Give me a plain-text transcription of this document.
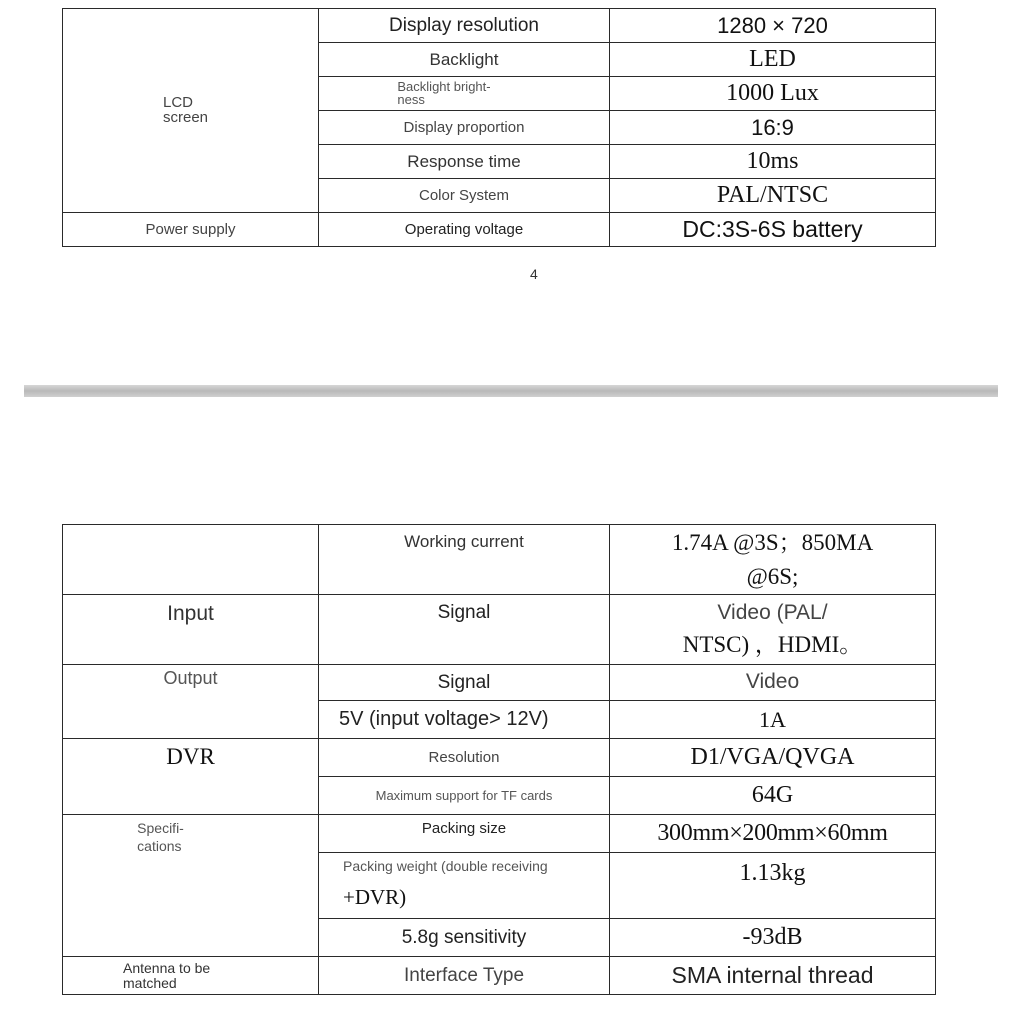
LCD
screen	Display resolution	1280 × 720
	Backlight	LED

	Backlight bright-
ness	1000 Lux
	Display proportion	16:9
	Response time	10ms
	Color System	PAL/NTSC
Power supply	Operating voltage	DC:3S-6S battery
4
	Working current	1.74A @3S；850MA
@6S;

Input	Signal	Video (PAL/
NTSC) ，HDMI。

Output	Signal	Video
	5V (input voltage> 12V)	1A
DVR	Resolution	D1/VGA/QVGA
	Maximum support for TF cards	64G

Specifi-
cations	Packing size	300mm×200mm×60mm

	Packing weight (double receiving
+DVR)	1.13kg
	5.8g sensitivity	-93dB

Antenna to be
matched	Interface Type	SMA internal thread
